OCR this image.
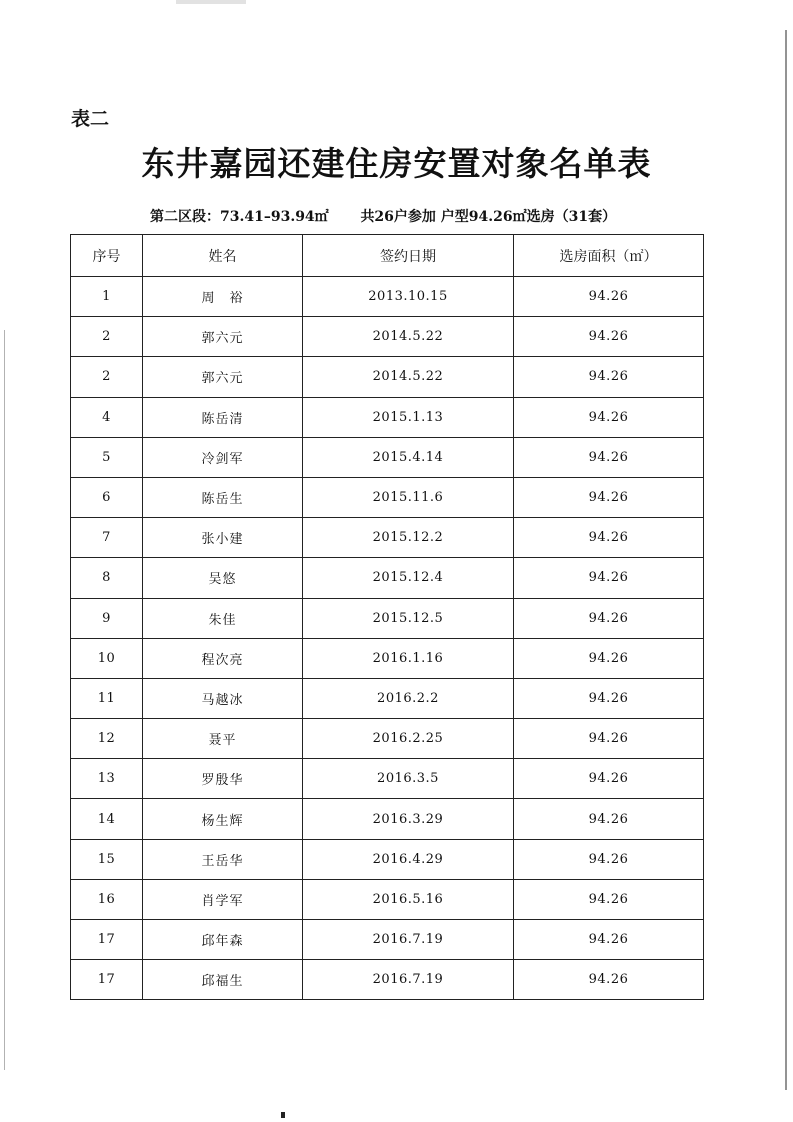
表二
东井嘉园还建住房安置对象名单表
第二区段：73.41–93.94㎡ 共26户参加 户型94.26㎡选房（31套）
序号	姓名	签约日期	选房面积（㎡）
1	周　裕	2013.10.15	94.26
2	郭六元	2014.5.22	94.26
2	郭六元	2014.5.22	94.26
4	陈岳清	2015.1.13	94.26
5	冷剑军	2015.4.14	94.26
6	陈岳生	2015.11.6	94.26
7	张小建	2015.12.2	94.26
8	吴悠	2015.12.4	94.26
9	朱佳	2015.12.5	94.26
10	程次亮	2016.1.16	94.26
11	马越冰	2016.2.2	94.26
12	聂平	2016.2.25	94.26
13	罗殷华	2016.3.5	94.26
14	杨生辉	2016.3.29	94.26
15	王岳华	2016.4.29	94.26
16	肖学军	2016.5.16	94.26
17	邱年森	2016.7.19	94.26
17	邱福生	2016.7.19	94.26
